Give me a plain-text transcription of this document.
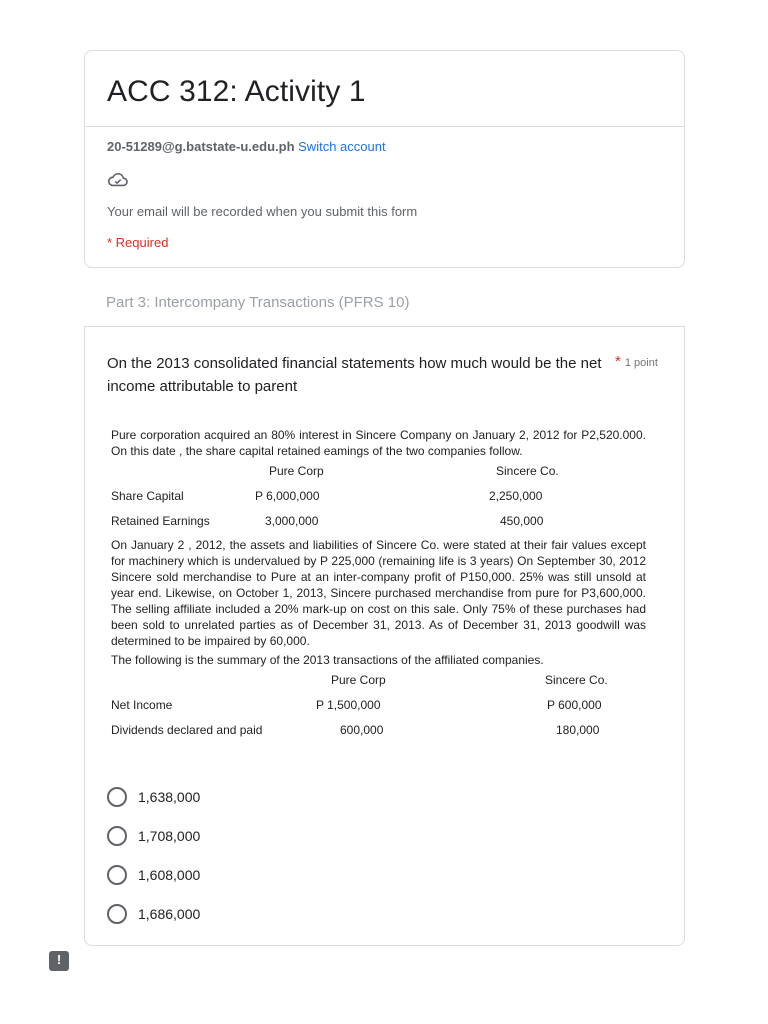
ACC 312: Activity 1
20-51289@g.batstate-u.edu.ph Switch account
Your email will be recorded when you submit this form
* Required
Part 3: Intercompany Transactions (PFRS 10)
On the 2013 consolidated financial statements how much would be the net income attributable to parent
* 1 point
Pure corporation acquired an 80% interest in Sincere Company on January 2, 2012 for P2,520.000. On this date , the share capital retained eamings of the two companies follow.
Pure Corp	Sincere Co.
Share Capital	P 6,000,000	2,250,000
Retained Earnings	3,000,000	450,000
On January 2 , 2012, the assets and liabilities of Sincere Co. were stated at their fair values except for machinery which is undervalued by P 225,000 (remaining life is 3 years) On September 30, 2012 Sincere sold merchandise to Pure at an inter-company profit of P150,000. 25% was still unsold at year end. Likewise, on October 1, 2013, Sincere purchased merchandise from pure for P3,600,000. The selling affiliate included a 20% mark-up on cost on this sale. Only 75% of these purchases had been sold to unrelated parties as of December 31, 2013. As of December 31, 2013 goodwill was determined to be impaired by 60,000.
The following is the summary of the 2013 transactions of the affiliated companies.
Pure Corp	Sincere Co.
Net Income	P 1,500,000	P 600,000
Dividends declared and paid	600,000	180,000
1,638,000
1,708,000
1,608,000
1,686,000
!
